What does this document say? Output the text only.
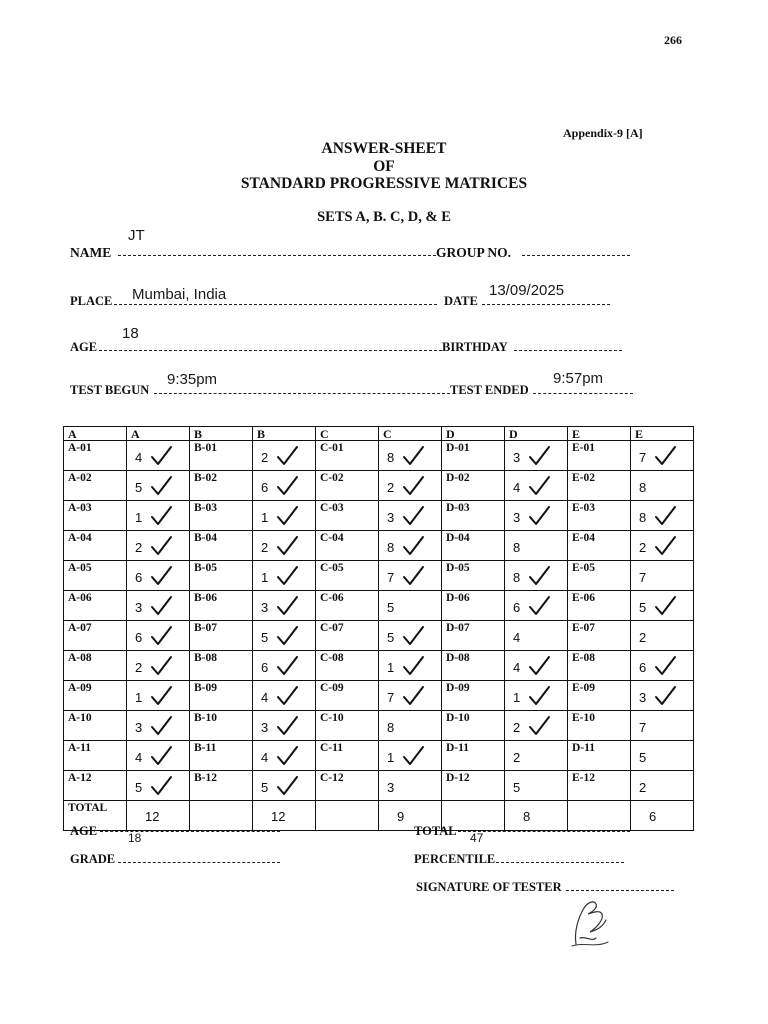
266
Appendix-9 [A]
ANSWER-SHEET
OF
STANDARD PROGRESSIVE MATRICES
SETS A, B. C, D, & E
JT
NAME	GROUP NO.
PLACE Mumbai, India	DATE
13/09/2025
18
AGE	BIRTHDAY
TEST BEGUN
9:35pm
TEST ENDED
9:57pm
A	A	B	B	C	C	D	D	E	E

A-01	4	B-01	2	C-01	8	D-01	3	E-01	7

A-02	5	B-02	6	C-02	2	D-02	4	E-02	8

A-03	1	B-03	1	C-03	3	D-03	3	E-03	8

A-04	2	B-04	2	C-04	8	D-04	8	E-04	2

A-05	6	B-05	1	C-05	7	D-05	8	E-05	7

A-06	3	B-06	3	C-06	5	D-06	6	E-06	5

A-07	6	B-07	5	C-07	5	D-07	4	E-07	2

A-08	2	B-08	6	C-08	1	D-08	4	E-08	6

A-09	1	B-09	4	C-09	7	D-09	1	E-09	3

A-10	3	B-10	3	C-10	8	D-10	2	E-10	7

A-11	4	B-11	4	C-11	1	D-11	2	D-11	5

A-12	5	B-12	5	C-12	3	D-12	5	E-12	2

TOTAL	12		12		9		8		6
AGE	18	TOTAL 47
GRADE	PERCENTILE
SIGNATURE OF TESTER
